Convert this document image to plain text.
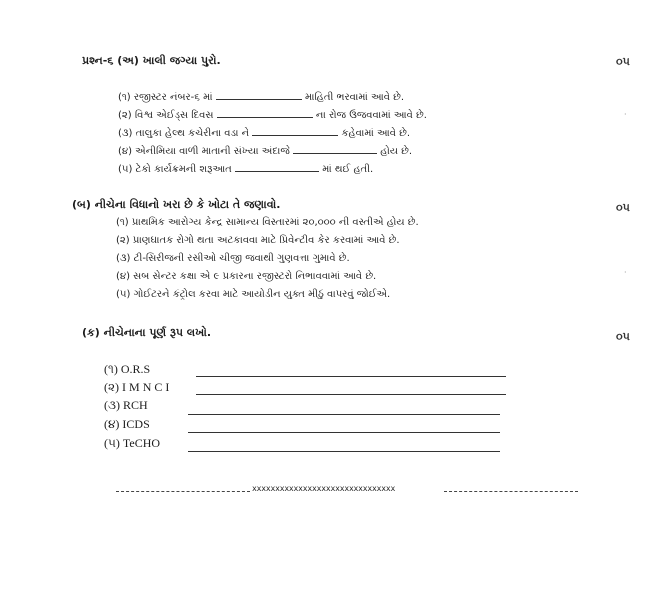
પ્રશ્ન-૬ (અ) ખાલી જગ્યા પુરો.	૦૫
(૧) રજીસ્ટર નંબર-૬ માં	માહિતી ભરવામાં આવે છે.
(૨) વિશ્વ એઈડ્સ દિવસ	ના રોજ ઉજવવામાં આવે છે.
(૩) તાલુકા હેલ્થ કચેરીના વડા ને	કહેવામાં આવે છે.
(૪) એનીમિયા વાળી માતાની સંખ્યા અંદાજે	હોય છે.
(૫) ટેકો કાર્યક્રમની શરૂઆત	માં થઈ હતી.
·
(બ) નીચેના વિધાનો ખરા છે કે ખોટા તે જણાવો.	૦૫
(૧) પ્રાથમિક આરોગ્ય કેન્દ્ર સામાન્ય વિસ્તારમાં ૨૦,૦૦૦ ની વસ્તીએ હોય છે.
(૨) પ્રાણઘાતક રોગો થતા અટકાવવા માટે પ્રિવેન્ટીવ કેર કરવામાં આવે છે.
(૩) ટી-સિરીજની રસીઓ ચીજી જવાથી ગુણવત્તા ગુમાવે છે.
(૪) સબ સેન્ટર કક્ષા એ ૯ પ્રકારના રજીસ્ટરો નિભાવવામાં આવે છે.
(૫) ગોઈટરને કંટ્રોલ કરવા માટે આયોડીન યુક્ત મીઠું વાપરવું જોઈએ.
·
(ક) નીચેનાના પૂર્ણ રૂપ લખો.	૦૫
(૧) O.R.S
(૨) I M N C I
(૩) RCH
(૪) ICDS
(૫) TeCHO
xxxxxxxxxxxxxxxxxxxxxxxxxxxxxxx
